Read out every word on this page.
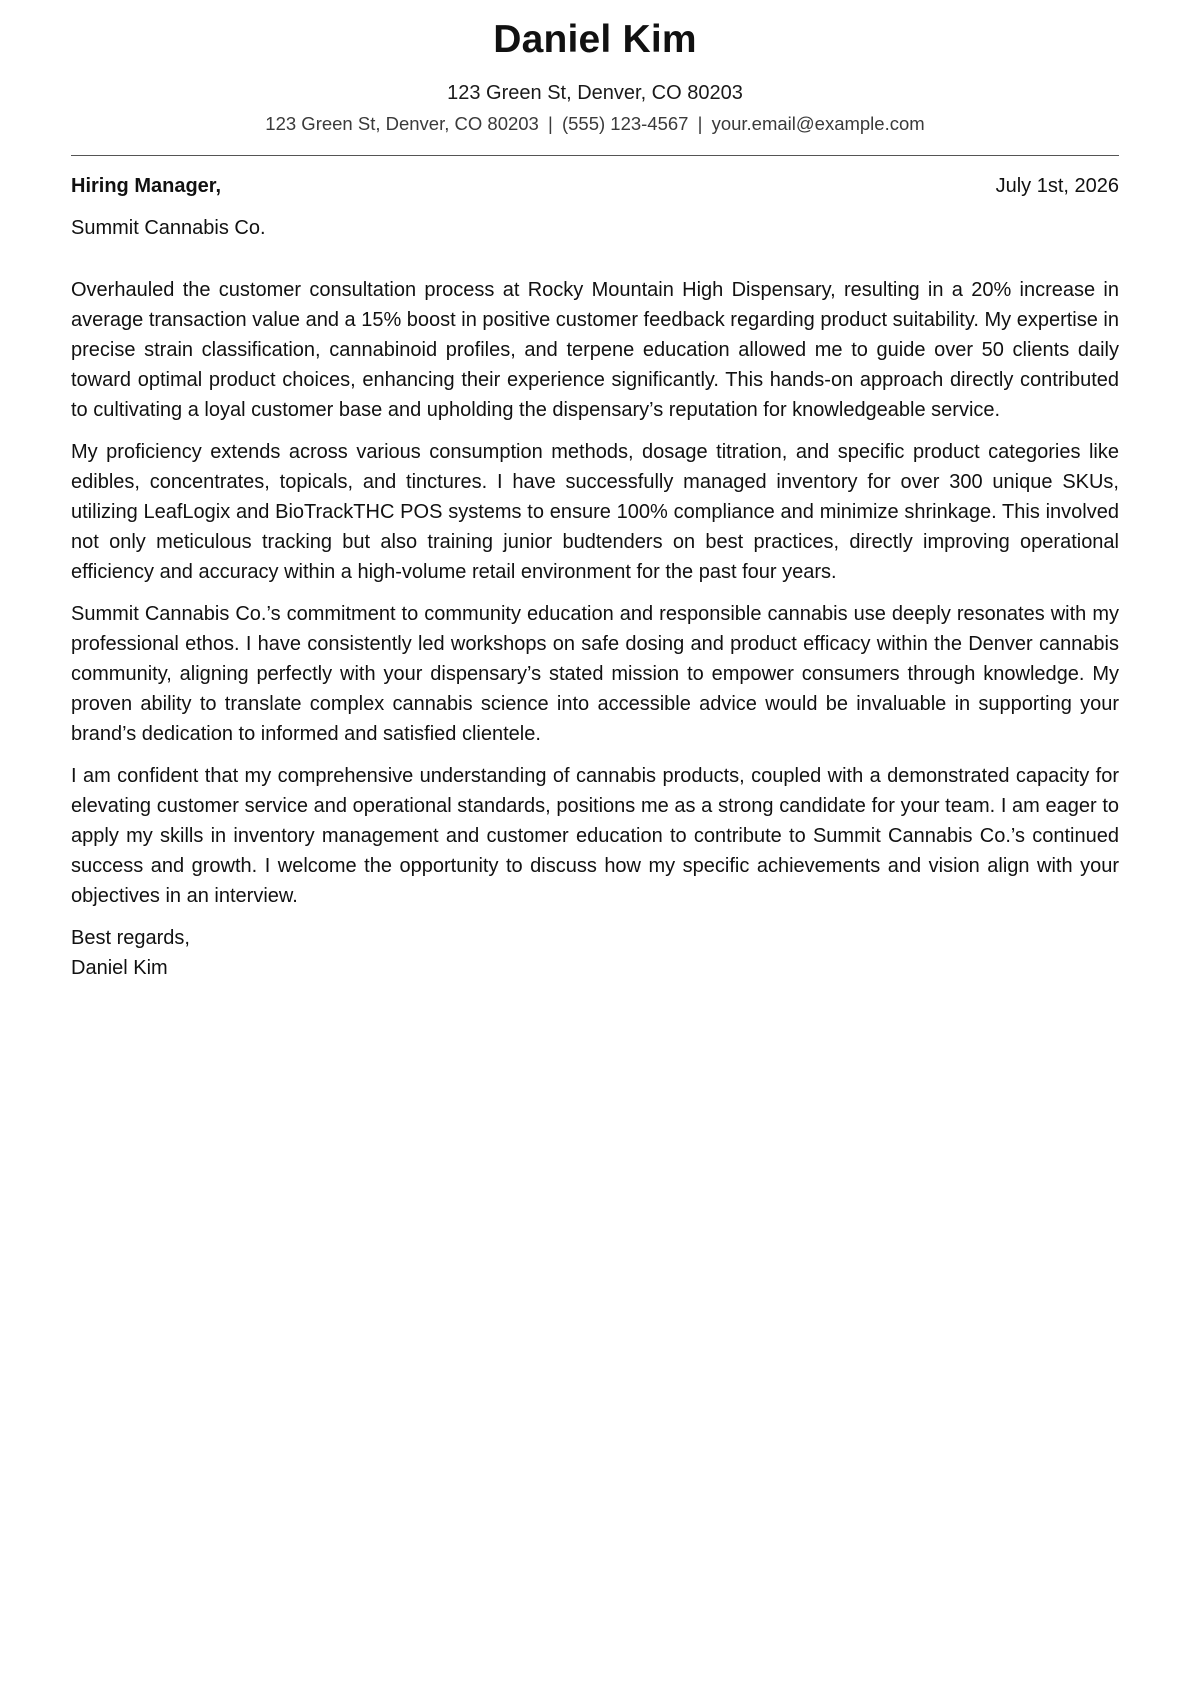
Daniel Kim
123 Green St, Denver, CO 80203
123 Green St, Denver, CO 80203 | (555) 123-4567 | your.email@example.com
Hiring Manager,	July 1st, 2026
Summit Cannabis Co.

Overhauled the customer consultation process at Rocky Mountain High Dispensary, resulting in a 20% increase in average transaction value and a 15% boost in positive customer feedback regarding product suitability. My expertise in precise strain classification, cannabinoid profiles, and terpene education allowed me to guide over 50 clients daily toward optimal product choices, enhancing their experience significantly. This hands-on approach directly contributed to cultivating a loyal customer base and upholding the dispensary’s reputation for knowledgeable service.

My proficiency extends across various consumption methods, dosage titration, and specific product categories like edibles, concentrates, topicals, and tinctures. I have successfully managed inventory for over 300 unique SKUs, utilizing LeafLogix and BioTrackTHC POS systems to ensure 100% compliance and minimize shrinkage. This involved not only meticulous tracking but also training junior budtenders on best practices, directly improving operational efficiency and accuracy within a high-volume retail environment for the past four years.

Summit Cannabis Co.’s commitment to community education and responsible cannabis use deeply resonates with my professional ethos. I have consistently led workshops on safe dosing and product efficacy within the Denver cannabis community, aligning perfectly with your dispensary’s stated mission to empower consumers through knowledge. My proven ability to translate complex cannabis science into accessible advice would be invaluable in supporting your brand’s dedication to informed and satisfied clientele.

I am confident that my comprehensive understanding of cannabis products, coupled with a demonstrated capacity for elevating customer service and operational standards, positions me as a strong candidate for your team. I am eager to apply my skills in inventory management and customer education to contribute to Summit Cannabis Co.’s continued success and growth. I welcome the opportunity to discuss how my specific achievements and vision align with your objectives in an interview.

Best regards,
Daniel Kim
